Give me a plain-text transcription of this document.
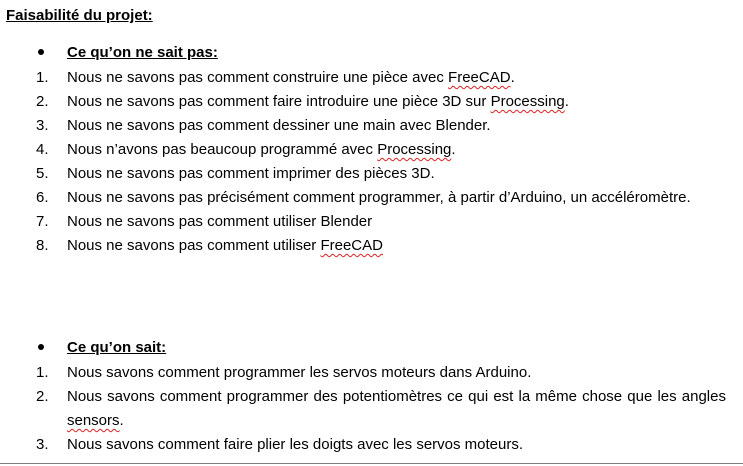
Faisabilité du projet:
Ce qu’on ne sait pas:
1.	Nous ne savons pas comment construire une pièce avec FreeCAD.
2.	Nous ne savons pas comment faire introduire une pièce 3D sur Processing.
3.	Nous ne savons pas comment dessiner une main avec Blender.
4.	Nous n’avons pas beaucoup programmé avec Processing.
5.	Nous ne savons pas comment imprimer des pièces 3D.
6.	Nous ne savons pas précisément comment programmer, à partir d’Arduino, un accéléromètre.
7.	Nous ne savons pas comment utiliser Blender
8.	Nous ne savons pas comment utiliser FreeCAD
Ce qu’on sait:
1.	Nous savons comment programmer les servos moteurs dans Arduino.
2.	Nous savons comment programmer des potentiomètres ce qui est la même chose que les angles sensors.
3.	Nous savons comment faire plier les doigts avec les servos moteurs.
